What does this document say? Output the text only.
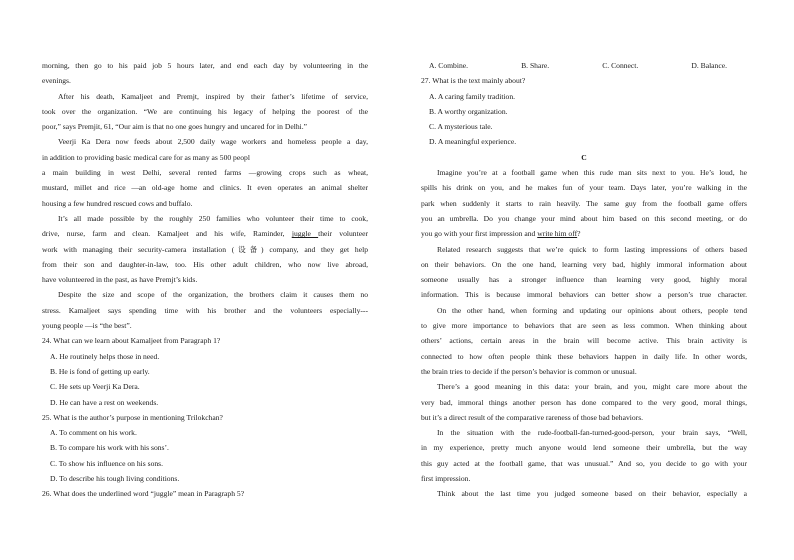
morning, then go to his paid job 5 hours later, and end each day by volunteering in the
evenings.
After his death, Kamaljeet and Premjt, inspired by their father’s lifetime of service,
took over the organization. “We are continuing his legacy of helping the poorest of the
poor,” says Premjit, 61, “Our aim is that no one goes hungry and uncared for in Delhi.”
Veerji Ka Dera now feeds about 2,500 daily wage workers and homeless people a day,
in addition to providing basic medical care for as many as 500 peopl
a main building in west Delhi, several rented farms —growing crops such as wheat,
mustard, millet and rice —an old-age home and clinics. It even operates an animal shelter
housing a few hundred rescued cows and buffalo.
It’s all made possible by the roughly 250 families who volunteer their time to cook,
drive, nurse, farm and clean. Kamaljeet and his wife, Raminder, juggle their volunteer
work with managing their security-camera installation (设备) company, and they get help
from their son and daughter-in-law, too. His other adult children, who now live abroad,
have volunteered in the past, as have Premjt’s kids.
Despite the size and scope of the organization, the brothers claim it causes them no
stress. Kamaljeet says spending time with his brother and the volunteers especially---
young people —is “the best”.
24. What can we learn about Kamaljeet from Paragraph 1?
A. He routinely helps those in need.
B. He is fond of getting up early.
C. He sets up Veerji Ka Dera.
D. He can have a rest on weekends.
25. What is the author’s purpose in mentioning Trilokchan?
A. To comment on his work.
B. To compare his work with his sons’.
C. To show his influence on his sons.
D. To describe his tough living conditions.
26. What does the underlined word “juggle” mean in Paragraph 5?
A. Combine.	B. Share.	C. Connect.	D. Balance.
27. What is the text mainly about?
A. A caring family tradition.
B. A worthy organization.
C. A mysterious tale.
D. A meaningful experience.
C
Imagine you’re at a football game when this rude man sits next to you. He’s loud, he
spills his drink on you, and he makes fun of your team. Days later, you’re walking in the
park when suddenly it starts to rain heavily. The same guy from the football game offers
you an umbrella. Do you change your mind about him based on this second meeting, or do
you go with your first impression and write him off?
Related research suggests that we’re quick to form lasting impressions of others based
on their behaviors. On the one hand, learning very bad, highly immoral information about
someone usually has a stronger influence than learning very good, highly moral
information. This is because immoral behaviors can better show a person’s true character.
On the other hand, when forming and updating our opinions about others, people tend
to give more importance to behaviors that are seen as less common. When thinking about
others’ actions, certain areas in the brain will become active. This brain activity is
connected to how often people think these behaviors happen in daily life. In other words,
the brain tries to decide if the person’s behavior is common or unusual.
There’s a good meaning in this data: your brain, and you, might care more about the
very bad, immoral things another person has done compared to the very good, moral things,
but it’s a direct result of the comparative rareness of those bad behaviors.
In the situation with the rude-football-fan-turned-good-person, your brain says, “Well,
in my experience, pretty much anyone would lend someone their umbrella, but the way
this guy acted at the football game, that was unusual.” And so, you decide to go with your
first impression.
Think about the last time you judged someone based on their behavior, especially a
